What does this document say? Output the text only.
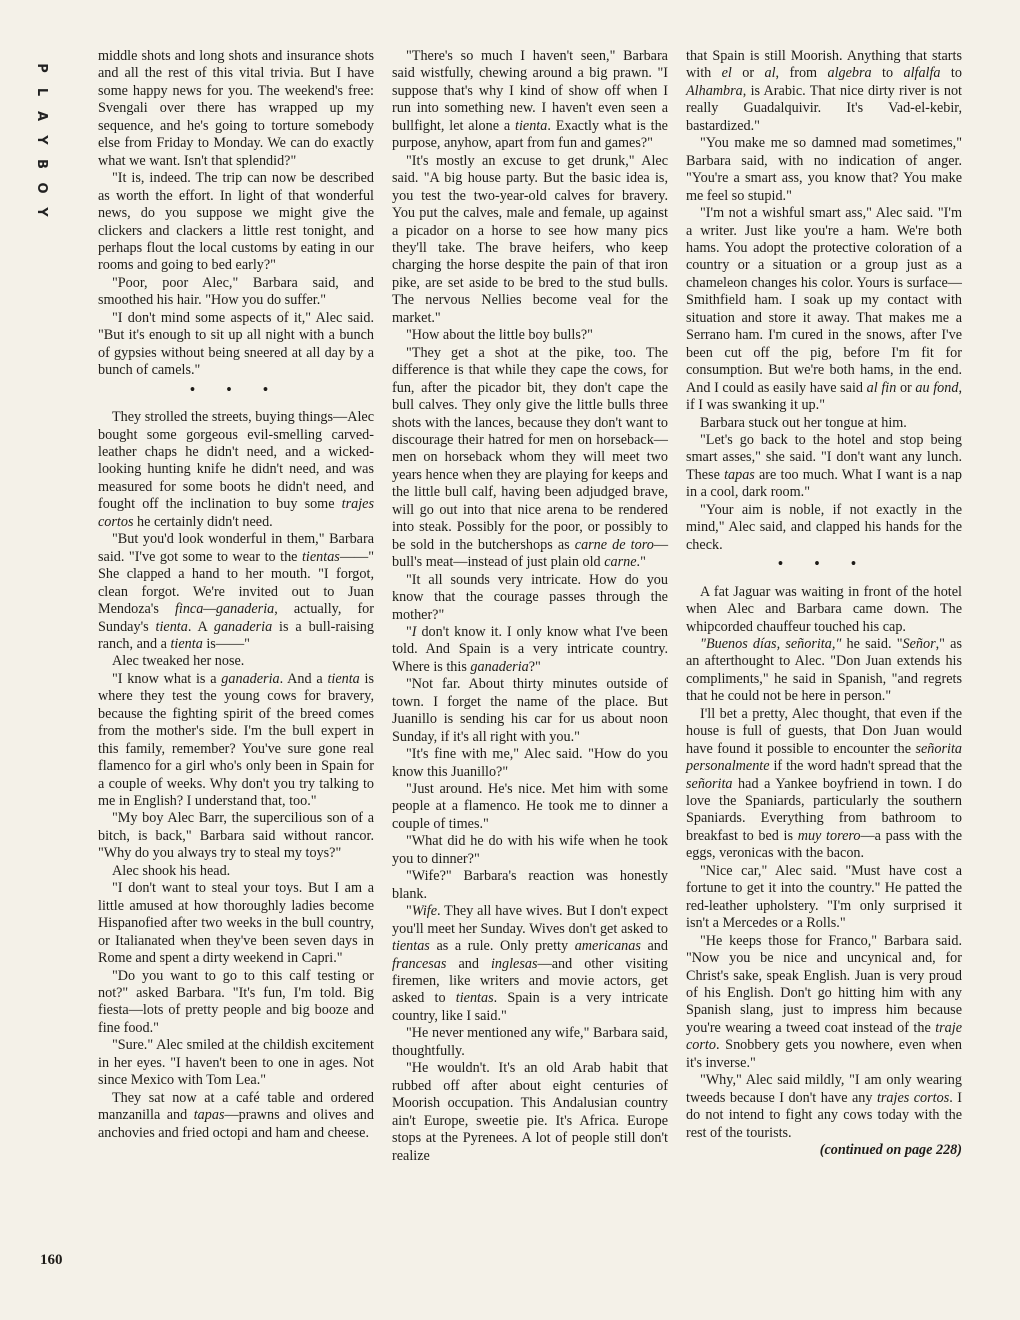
P
L
A
Y
B
O
Y
160

middle shots and long shots and insurance shots and all the rest of this vital trivia. But I have some happy news for you. The weekend's free: Svengali over there has wrapped up my sequence, and he's going to torture somebody else from Friday to Monday. We can do exactly what we want. Isn't that splendid?"

"It is, indeed. The trip can now be described as worth the effort. In light of that wonderful news, do you suppose we might give the clickers and clackers a little rest tonight, and perhaps flout the local customs by eating in our rooms and going to bed early?"

"Poor, poor Alec," Barbara said, and smoothed his hair. "How you do suffer."

"I don't mind some aspects of it," Alec said. "But it's enough to sit up all night with a bunch of gypsies without being sneered at all day by a bunch of camels."

• • •

They strolled the streets, buying things—Alec bought some gorgeous evil-smelling carved-leather chaps he didn't need, and a wicked-looking hunting knife he didn't need, and was measured for some boots he didn't need, and fought off the inclination to buy some trajes cortos he certainly didn't need.

"But you'd look wonderful in them," Barbara said. "I've got some to wear to the tientas——" She clapped a hand to her mouth. "I forgot, clean forgot. We're invited out to Juan Mendoza's finca—ganaderia, actually, for Sunday's tienta. A ganaderia is a bull-raising ranch, and a tienta is——"

Alec tweaked her nose.

"I know what is a ganaderia. And a tienta is where they test the young cows for bravery, because the fighting spirit of the breed comes from the mother's side. I'm the bull expert in this family, remember? You've sure gone real flamenco for a girl who's only been in Spain for a couple of weeks. Why don't you try talking to me in English? I understand that, too."

"My boy Alec Barr, the supercilious son of a bitch, is back," Barbara said without rancor. "Why do you always try to steal my toys?"

Alec shook his head.

"I don't want to steal your toys. But I am a little amused at how thoroughly ladies become Hispanofied after two weeks in the bull country, or Italianated when they've been seven days in Rome and spent a dirty weekend in Capri."

"Do you want to go to this calf testing or not?" asked Barbara. "It's fun, I'm told. Big fiesta—lots of pretty people and big booze and fine food."

"Sure." Alec smiled at the childish excitement in her eyes. "I haven't been to one in ages. Not since Mexico with Tom Lea."

They sat now at a café table and ordered manzanilla and tapas—prawns and olives and anchovies and fried octopi and ham and cheese.

"There's so much I haven't seen," Barbara said wistfully, chewing around a big prawn. "I suppose that's why I kind of show off when I run into something new. I haven't even seen a bullfight, let alone a tienta. Exactly what is the purpose, anyhow, apart from fun and games?"

"It's mostly an excuse to get drunk," Alec said. "A big house party. But the basic idea is, you test the two-year-old calves for bravery. You put the calves, male and female, up against a picador on a horse to see how many pics they'll take. The brave heifers, who keep charging the horse despite the pain of that iron pike, are set aside to be bred to the stud bulls. The nervous Nellies become veal for the market."

"How about the little boy bulls?"

"They get a shot at the pike, too. The difference is that while they cape the cows, for fun, after the picador bit, they don't cape the bull calves. They only give the little bulls three shots with the lances, because they don't want to discourage their hatred for men on horseback—men on horseback whom they will meet two years hence when they are playing for keeps and the little bull calf, having been adjudged brave, will go out into that nice arena to be rendered into steak. Possibly for the poor, or possibly to be sold in the butchershops as carne de toro—bull's meat—instead of just plain old carne."

"It all sounds very intricate. How do you know that the courage passes through the mother?"

"I don't know it. I only know what I've been told. And Spain is a very intricate country. Where is this ganaderia?"

"Not far. About thirty minutes outside of town. I forget the name of the place. But Juanillo is sending his car for us about noon Sunday, if it's all right with you."

"It's fine with me," Alec said. "How do you know this Juanillo?"

"Just around. He's nice. Met him with some people at a flamenco. He took me to dinner a couple of times."

"What did he do with his wife when he took you to dinner?"

"Wife?" Barbara's reaction was honestly blank.

"Wife. They all have wives. But I don't expect you'll meet her Sunday. Wives don't get asked to tientas as a rule. Only pretty americanas and francesas and inglesas—and other visiting firemen, like writers and movie actors, get asked to tientas. Spain is a very intricate country, like I said."

"He never mentioned any wife," Barbara said, thoughtfully.

"He wouldn't. It's an old Arab habit that rubbed off after about eight centuries of Moorish occupation. This Andalusian country ain't Europe, sweetie pie. It's Africa. Europe stops at the Pyrenees. A lot of people still don't realize

that Spain is still Moorish. Anything that starts with el or al, from algebra to alfalfa to Alhambra, is Arabic. That nice dirty river is not really Guadalquivir. It's Vad-el-kebir, bastardized."

"You make me so damned mad sometimes," Barbara said, with no indication of anger. "You're a smart ass, you know that? You make me feel so stupid."

"I'm not a wishful smart ass," Alec said. "I'm a writer. Just like you're a ham. We're both hams. You adopt the protective coloration of a country or a situation or a group just as a chameleon changes his color. Yours is surface—Smithfield ham. I soak up my contact with situation and store it away. That makes me a Serrano ham. I'm cured in the snows, after I've been cut off the pig, before I'm fit for consumption. But we're both hams, in the end. And I could as easily have said al fin or au fond, if I was swanking it up."

Barbara stuck out her tongue at him.

"Let's go back to the hotel and stop being smart asses," she said. "I don't want any lunch. These tapas are too much. What I want is a nap in a cool, dark room."

"Your aim is noble, if not exactly in the mind," Alec said, and clapped his hands for the check.

• • •

A fat Jaguar was waiting in front of the hotel when Alec and Barbara came down. The whipcorded chauffeur touched his cap.

"Buenos días, señorita," he said. "Señor," as an afterthought to Alec. "Don Juan extends his compliments," he said in Spanish, "and regrets that he could not be here in person."

I'll bet a pretty, Alec thought, that even if the house is full of guests, that Don Juan would have found it possible to encounter the señorita personalmente if the word hadn't spread that the señorita had a Yankee boyfriend in town. I do love the Spaniards, particularly the southern Spaniards. Everything from bathroom to breakfast to bed is muy torero—a pass with the eggs, veronicas with the bacon.

"Nice car," Alec said. "Must have cost a fortune to get it into the country." He patted the red-leather upholstery. "I'm only surprised it isn't a Mercedes or a Rolls."

"He keeps those for Franco," Barbara said. "Now you be nice and uncynical and, for Christ's sake, speak English. Juan is very proud of his English. Don't go hitting him with any Spanish slang, just to impress him because you're wearing a tweed coat instead of the traje corto. Snobbery gets you nowhere, even when it's inverse."

"Why," Alec said mildly, "I am only wearing tweeds because I don't have any trajes cortos. I do not intend to fight any cows today with the rest of the tourists.

(continued on page 228)
